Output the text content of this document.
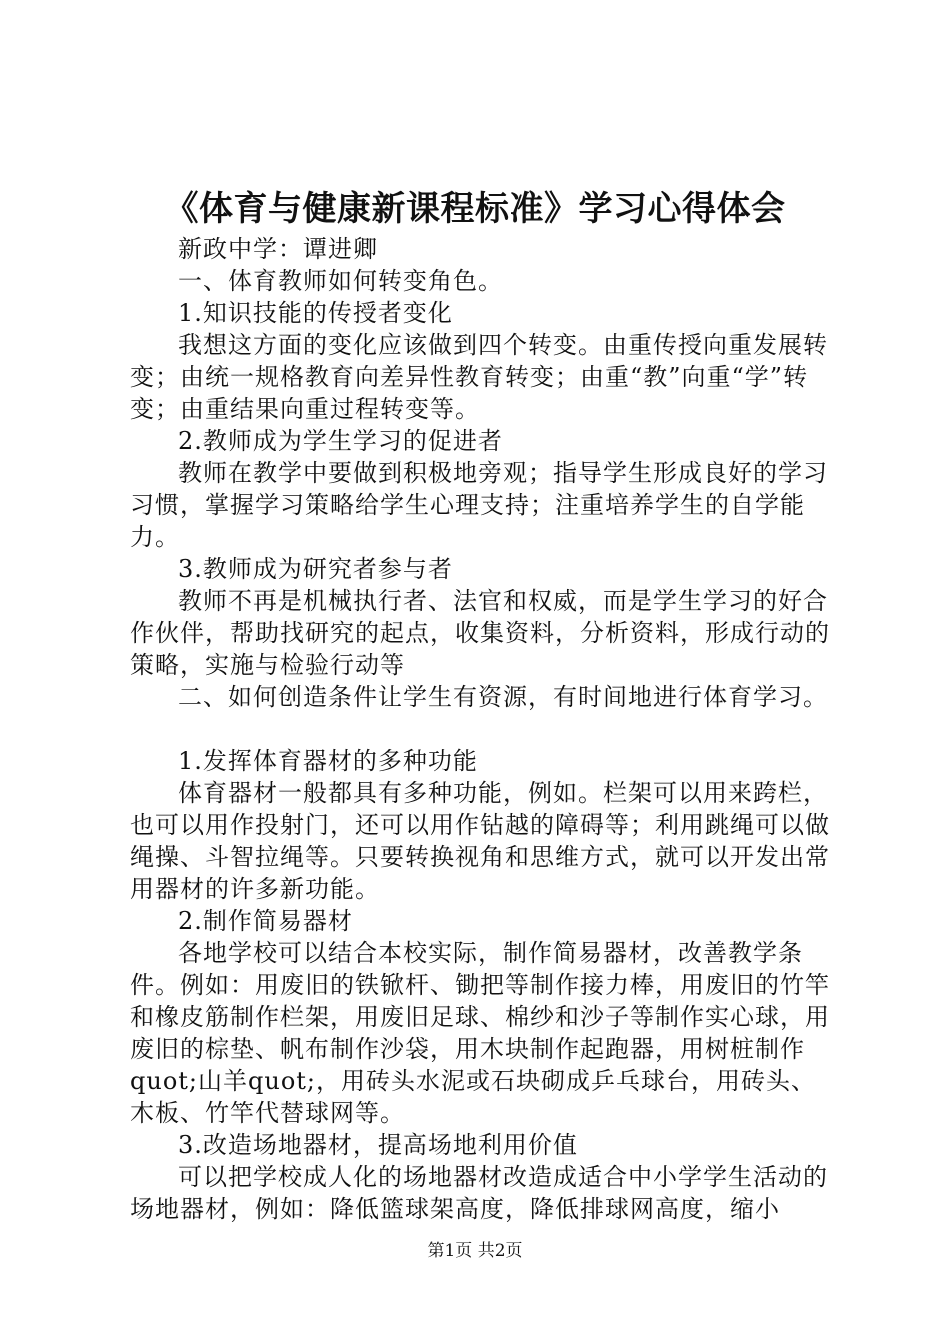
《体育与健康新课程标准》学习心得体会

新政中学：谭进卿

一、体育教师如何转变角色。

1.知识技能的传授者变化

我想这方面的变化应该做到四个转变。由重传授向重发展转变；由统一规格教育向差异性教育转变；由重“教”向重“学”转变；由重结果向重过程转变等。

2.教师成为学生学习的促进者

教师在教学中要做到积极地旁观；指导学生形成良好的学习习惯，掌握学习策略给学生心理支持；注重培养学生的自学能力。

3.教师成为研究者参与者

教师不再是机械执行者、法官和权威，而是学生学习的好合作伙伴，帮助找研究的起点，收集资料，分析资料，形成行动的策略，实施与检验行动等

二、如何创造条件让学生有资源，有时间地进行体育学习。

1.发挥体育器材的多种功能

体育器材一般都具有多种功能，例如。栏架可以用来跨栏，也可以用作投射门，还可以用作钻越的障碍等；利用跳绳可以做绳操、斗智拉绳等。只要转换视角和思维方式，就可以开发出常用器材的许多新功能。

2.制作简易器材

各地学校可以结合本校实际，制作简易器材，改善教学条件。例如：用废旧的铁锨杆、锄把等制作接力棒，用废旧的竹竿和橡皮筋制作栏架，用废旧足球、棉纱和沙子等制作实心球，用废旧的棕垫、帆布制作沙袋，用木块制作起跑器，用树桩制作quot;山羊quot;，用砖头水泥或石块砌成乒乓球台，用砖头、木板、竹竿代替球网等。

3.改造场地器材，提高场地利用价值

可以把学校成人化的场地器材改造成适合中小学学生活动的场地器材，例如：降低篮球架高度，降低排球网高度，缩小

第1页 共2页
